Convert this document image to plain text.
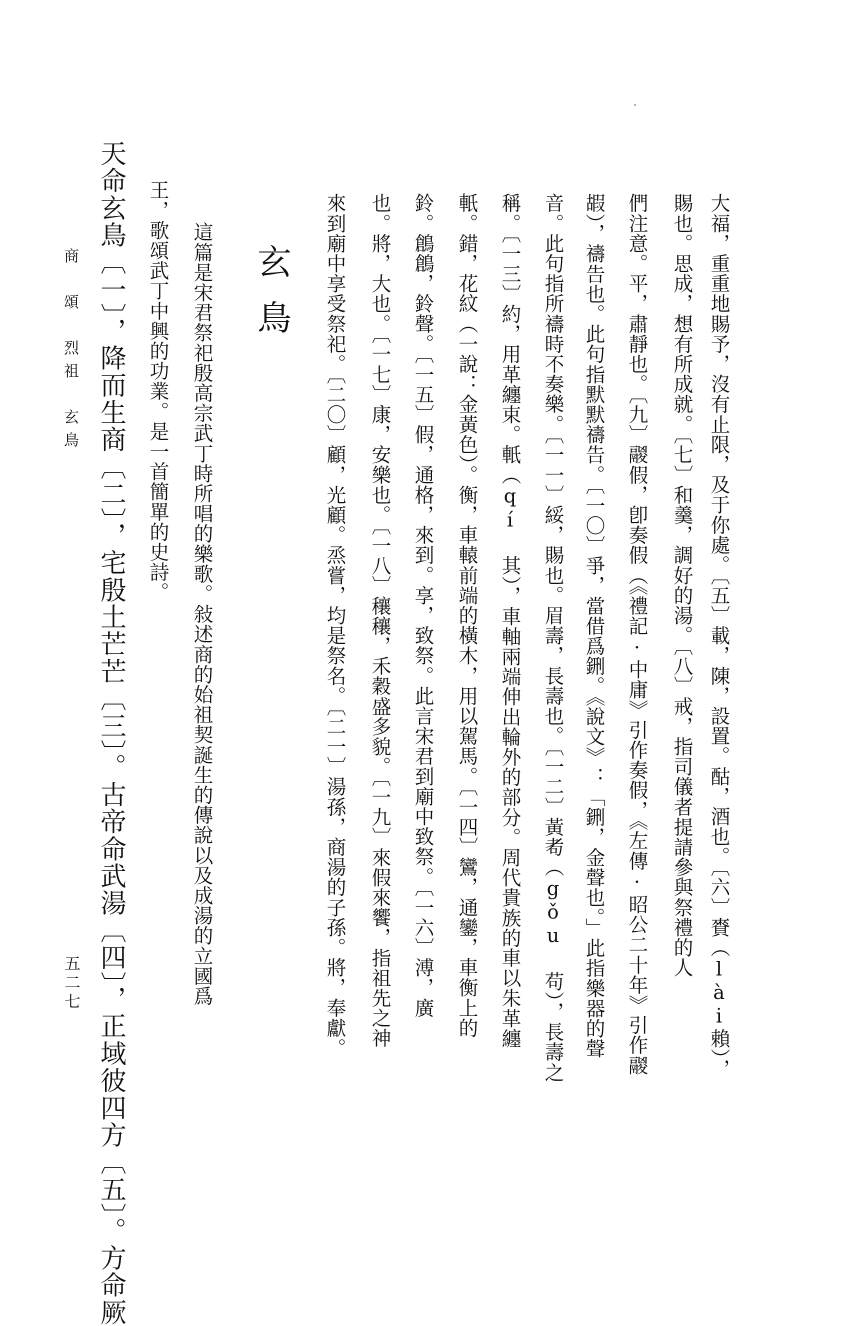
大福，重重地賜予，沒有止限，及于你處。〔五〕載，陳，設置。酤，酒也。〔六〕賚（lài賴），
賜也。思成，想有所成就。〔七〕和羹，調好的湯。〔八〕戒，指司儀者提請參與祭禮的人
們注意。平，肅靜也。〔九〕鬷假，卽奏假（《禮記·中庸》引作奏假，《左傳·昭公二十年》引作鬷
嘏），禱告也。此句指默默禱告。〔一〇〕爭，當借爲鉶。《說文》：「鉶，金聲也。」此指樂器的聲
音。此句指所禱時不奏樂。〔一一〕綏，賜也。眉壽，長壽也。〔一二〕黃耇（gǒu 苟），長壽之
稱。〔一三〕約，用革纏束。軝（qí 其），車軸兩端伸出輪外的部分。周代貴族的車以朱革纏
軝。錯，花紋（一說：金黃色）。衡，車轅前端的橫木，用以駕馬。〔一四〕鸞，通鑾，車衡上的
鈴。鶬鶬，鈴聲。〔一五〕假，通格，來到。享，致祭。此言宋君到廟中致祭。〔一六〕溥，廣
也。將，大也。〔一七〕康，安樂也。〔一八〕穰穰，禾穀盛多貌。〔一九〕來假來饗，指祖先之神
來到廟中享受祭祀。〔二〇〕顧，光顧。烝嘗，均是祭名。〔二一〕湯孫，商湯的子孫。將，奉獻。
玄鳥
這篇是宋君祭祀殷高宗武丁時所唱的樂歌。敍述商的始祖契誕生的傳說以及成湯的立國爲
王，歌頌武丁中興的功業。是一首簡單的史詩。
天命玄鳥〔一〕，降而生商〔二〕，宅殷土芒芒〔三〕。古帝命武湯〔四〕，正域彼四方〔五〕。方命厥
商　頌　烈祖　玄鳥
五二七
